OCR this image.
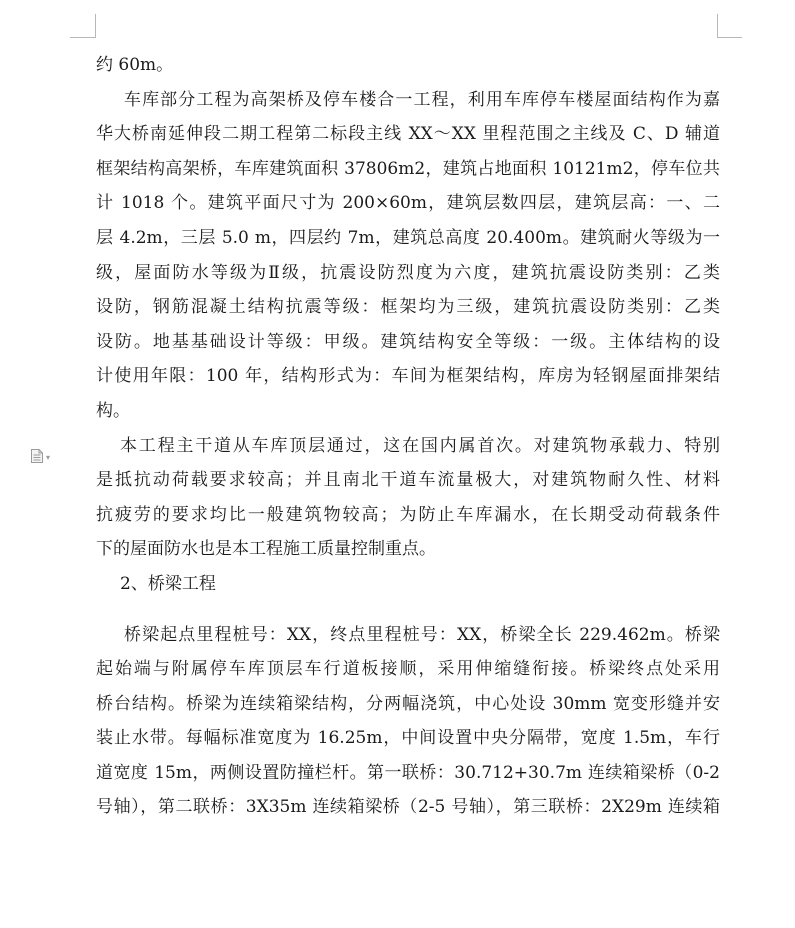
▾
约 60m。
车库部分工程为高架桥及停车楼合一工程，利用车库停车楼屋面结构作为嘉
华大桥南延伸段二期工程第二标段主线 XX～XX 里程范围之主线及 C、D 辅道
框架结构高架桥，车库建筑面积 37806m2，建筑占地面积 10121m2，停车位共
计 1018 个。建筑平面尺寸为 200×60m，建筑层数四层，建筑层高：一、二
层 4.2m，三层 5.0 m，四层约 7m，建筑总高度 20.400m。建筑耐火等级为一
级，屋面防水等级为Ⅱ级，抗震设防烈度为六度，建筑抗震设防类别：乙类
设防，钢筋混凝土结构抗震等级：框架均为三级，建筑抗震设防类别：乙类
设防。地基基础设计等级：甲级。建筑结构安全等级：一级。主体结构的设
计使用年限：100 年，结构形式为：车间为框架结构，库房为轻钢屋面排架结
构。
本工程主干道从车库顶层通过，这在国内属首次。对建筑物承载力、特别
是抵抗动荷载要求较高；并且南北干道车流量极大，对建筑物耐久性、材料
抗疲劳的要求均比一般建筑物较高；为防止车库漏水，在长期受动荷载条件
下的屋面防水也是本工程施工质量控制重点。
2、桥梁工程
桥梁起点里程桩号：XX，终点里程桩号：XX，桥梁全长 229.462m。桥梁
起始端与附属停车库顶层车行道板接顺，采用伸缩缝衔接。桥梁终点处采用
桥台结构。桥梁为连续箱梁结构，分两幅浇筑，中心处设 30mm 宽变形缝并安
装止水带。每幅标准宽度为 16.25m，中间设置中央分隔带，宽度 1.5m，车行
道宽度 15m，两侧设置防撞栏杆。第一联桥：30.712+30.7m 连续箱梁桥（0-2
号轴），第二联桥：3X35m 连续箱梁桥（2-5 号轴），第三联桥：2X29m 连续箱
